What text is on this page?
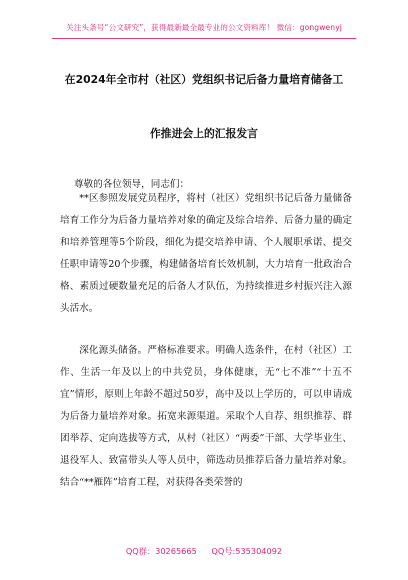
关注头条号“公文研究”，获得最新最全最专业的公文资料库！ 微信：gongwenyj
在2024年全市村（社区）党组织书记后备力量培育储备工
作推进会上的汇报发言
尊敬的各位领导，同志们：
**区参照发展党员程序，将村（社区）党组织书记后备力量储备培育工作分为后备力量培养对象的确定及综合培养、后备力量的确定和培养管理等5个阶段，细化为提交培养申请、个人履职承诺、提交任职申请等20个步骤，构建储备培育长效机制，大力培育一批政治合格、素质过硬数量充足的后备人才队伍，为持续推进乡村振兴注入源头活水。
深化源头储备。严格标准要求。明确人选条件，在村（社区）工作、生活一年及以上的中共党员，身体健康，无“七不准”“十五不宜”情形，原则上年龄不超过50岁，高中及以上学历的，可以申请成为后备力量培养对象。拓宽来源渠道。采取个人自荐、组织推荐、群团举荐、定向选拔等方式，从村（社区）“两委”干部、大学毕业生、退役军人、致富带头人等人员中，筛选动员推荐后备力量培养对象。结合“**雁阵”培育工程，对获得各类荣誉的
QQ群：30265665 QQ号:535304092
